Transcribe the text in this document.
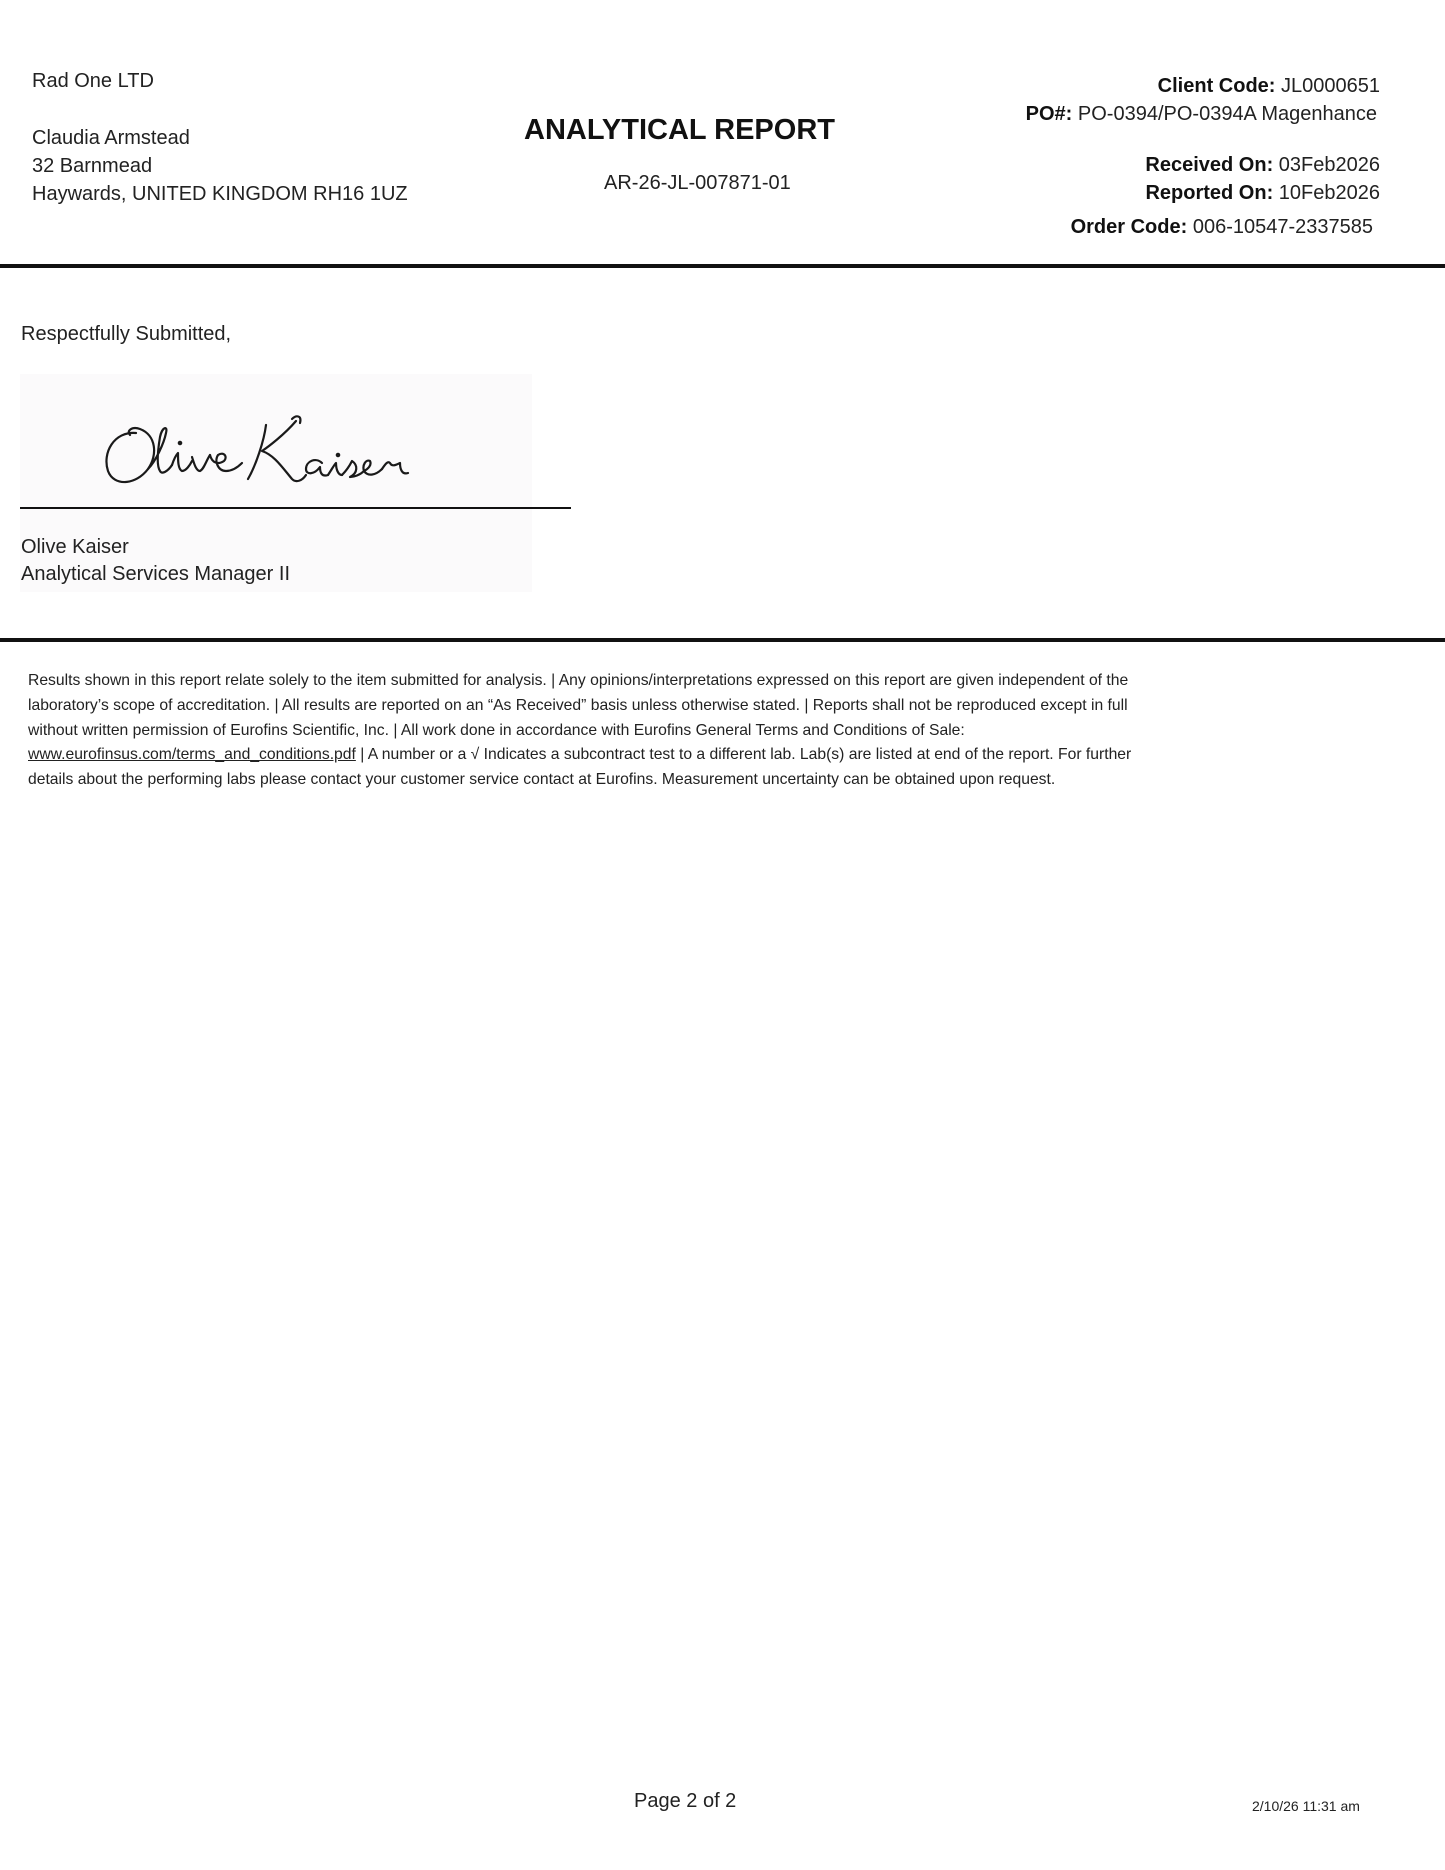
Rad One LTD
Claudia Armstead
32 Barnmead
Haywards, UNITED KINGDOM RH16 1UZ
ANALYTICAL REPORT
AR-26-JL-007871-01
Client Code: JL0000651
PO#: PO-0394/PO-0394A Magenhance
Received On: 03Feb2026
Reported On: 10Feb2026
Order Code: 006-10547-2337585
Respectfully Submitted,
Olive Kaiser
Analytical Services Manager II
Results shown in this report relate solely to the item submitted for analysis. | Any opinions/interpretations expressed on this report are given independent of the
laboratory’s scope of accreditation. | All results are reported on an “As Received” basis unless otherwise stated. | Reports shall not be reproduced except in full
without written permission of Eurofins Scientific, Inc. | All work done in accordance with Eurofins General Terms and Conditions of Sale:
www.eurofinsus.com/terms_and_conditions.pdf | A number or a √ Indicates a subcontract test to a different lab. Lab(s) are listed at end of the report. For further
details about the performing labs please contact your customer service contact at Eurofins. Measurement uncertainty can be obtained upon request.
Page 2 of 2	2/10/26 11:31 am
